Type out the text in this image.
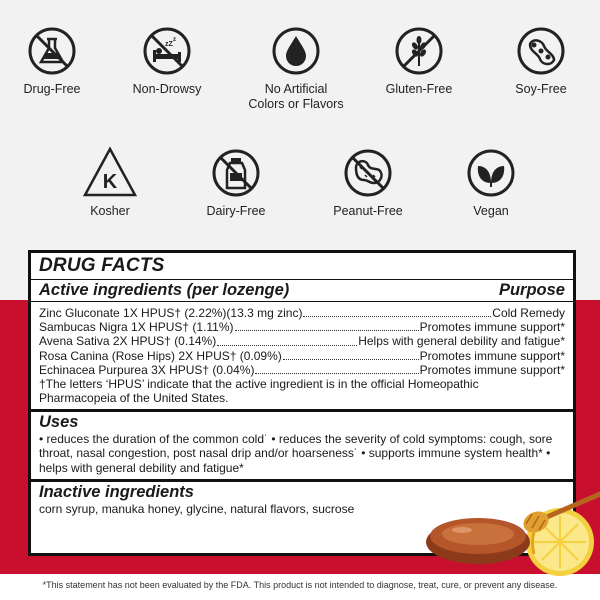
Drug-Free
zZ
z
Non-Drowsy	No Artificial
Colors or Flavors
Gluten-Free	Soy-Free
K
Kosher	Dairy-Free	Peanut-Free	Vegan
DRUG FACTS
Active ingredients (per lozenge)	Purpose
Zinc Gluconate 1X HPUS† (2.22%)(13.3 mg zinc)	Cold Remedy
Sambucas Nigra 1X HPUS† (1.11%)	Promotes immune support*
Avena Sativa 2X HPUS† (0.14%)	Helps with general debility and fatigue*
Rosa Canina (Rose Hips) 2X HPUS† (0.09%)	Promotes immune support*
Echinacea Purpurea 3X HPUS† (0.04%)	Promotes immune support*
†The letters ‘HPUS’ indicate that the active ingredient is in the official Homeopathic Pharmacopeia of the United States.
Uses
• reduces the duration of the common cold˙ • reduces the severity of cold symptoms: cough, sore throat, nasal congestion, post nasal drip and/or hoarseness˙ • supports immune system health* • helps with general debility and fatigue*
Inactive ingredients
corn syrup, manuka honey, glycine, natural flavors, sucrose
*This statement has not been evaluated by the FDA. This product is not intended to diagnose, treat, cure, or prevent any disease.
